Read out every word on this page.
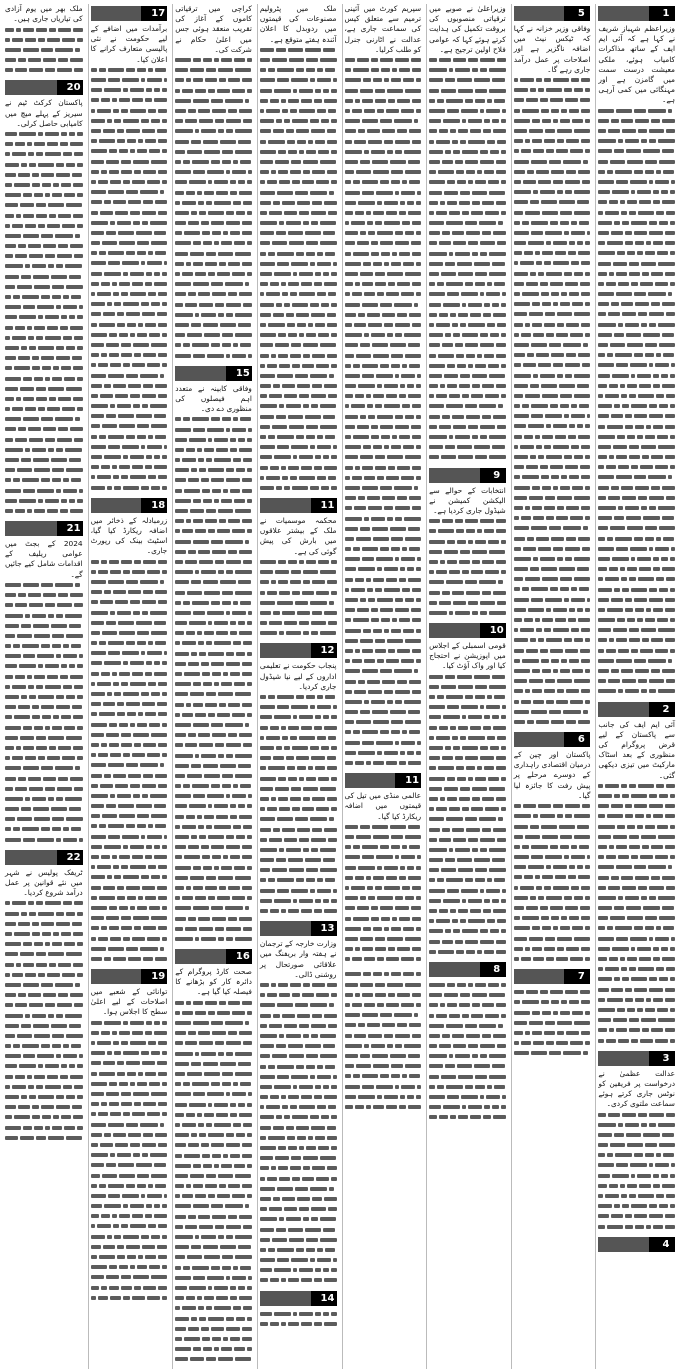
1
وزیراعظم شہباز شریف نے کہا ہے کہ آئی ایم ایف کے ساتھ مذاکرات کامیاب ہوئے، ملکی معیشت درست سمت میں گامزن ہے اور مہنگائی میں کمی آرہی ہے۔
2
آئی ایم ایف کی جانب سے پاکستان کے لیے قرض پروگرام کی منظوری کے بعد اسٹاک مارکیٹ میں تیزی دیکھی گئی۔
3
عدالت عظمیٰ نے درخواست پر فریقین کو نوٹس جاری کرتے ہوئے سماعت ملتوی کردی۔
4
5
وفاقی وزیر خزانہ نے کہا کہ ٹیکس نیٹ میں اضافہ ناگزیر ہے اور اصلاحات پر عمل درآمد جاری رہے گا۔
6
پاکستان اور چین کے درمیان اقتصادی راہداری کے دوسرے مرحلے پر پیش رفت کا جائزہ لیا گیا۔
7
وزیراعلیٰ نے صوبے میں ترقیاتی منصوبوں کی بروقت تکمیل کی ہدایت کرتے ہوئے کہا کہ عوامی فلاح اولین ترجیح ہے۔
9
انتخابات کے حوالے سے الیکشن کمیشن نے شیڈول جاری کردیا ہے۔
10
قومی اسمبلی کے اجلاس میں اپوزیشن نے احتجاج کیا اور واک آؤٹ کیا۔
8
سپریم کورٹ میں آئینی ترمیم سے متعلق کیس کی سماعت جاری ہے، عدالت نے اٹارنی جنرل کو طلب کرلیا۔
11
عالمی منڈی میں تیل کی قیمتوں میں اضافہ ریکارڈ کیا گیا۔
ملک میں پٹرولیم مصنوعات کی قیمتوں میں ردوبدل کا اعلان آئندہ ہفتے متوقع ہے۔
11
محکمہ موسمیات نے ملک کے بیشتر علاقوں میں بارش کی پیش گوئی کی ہے۔
12
پنجاب حکومت نے تعلیمی اداروں کے لیے نیا شیڈول جاری کردیا۔
13
وزارت خارجہ کے ترجمان نے ہفتہ وار بریفنگ میں علاقائی صورتحال پر روشنی ڈالی۔
14
کراچی میں ترقیاتی کاموں کے آغاز کی تقریب منعقد ہوئی جس میں اعلیٰ حکام نے شرکت کی۔
15
وفاقی کابینہ نے متعدد اہم فیصلوں کی منظوری دے دی۔
16
صحت کارڈ پروگرام کے دائرہ کار کو بڑھانے کا فیصلہ کیا گیا ہے۔
17
برآمدات میں اضافے کے لیے حکومت نے نئی پالیسی متعارف کرانے کا اعلان کیا۔
18
زرمبادلہ کے ذخائر میں اضافہ ریکارڈ کیا گیا، اسٹیٹ بینک کی رپورٹ جاری۔
19
توانائی کے شعبے میں اصلاحات کے لیے اعلیٰ سطح کا اجلاس ہوا۔
ملک بھر میں یوم آزادی کی تیاریاں جاری ہیں۔
20
پاکستان کرکٹ ٹیم نے سیریز کے پہلے میچ میں کامیابی حاصل کرلی۔
21
2024 کے بجٹ میں عوامی ریلیف کے اقدامات شامل کیے جائیں گے۔
22
ٹریفک پولیس نے شہر میں نئے قوانین پر عمل درآمد شروع کردیا۔
